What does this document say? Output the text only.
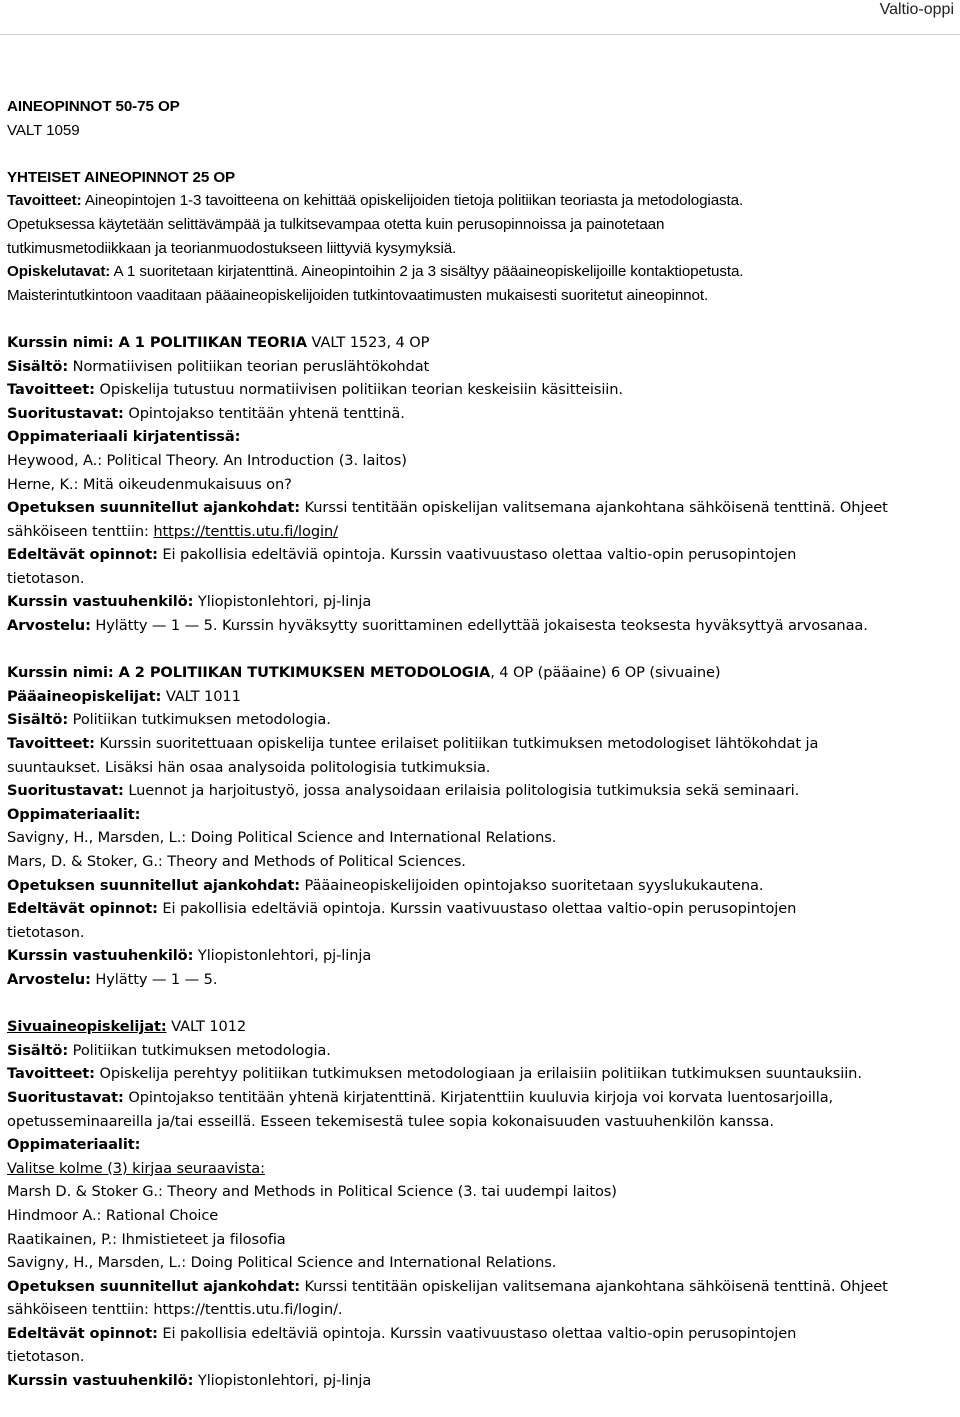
Valtio-oppi
AINEOPINNOT 50-75 OP
VALT 1059
YHTEISET AINEOPINNOT 25 OP
Tavoitteet: Aineopintojen 1-3 tavoitteena on kehittää opiskelijoiden tietoja politiikan teoriasta ja metodologiasta.
Opetuksessa käytetään selittävämpää ja tulkitsevampaa otetta kuin perusopinnoissa ja painotetaan
tutkimusmetodiikkaan ja teorianmuodostukseen liittyviä kysymyksiä.
Opiskelutavat: A 1 suoritetaan kirjatenttinä. Aineopintoihin 2 ja 3 sisältyy pääaineopiskelijoille kontaktiopetusta.
Maisterintutkintoon vaaditaan pääaineopiskelijoiden tutkintovaatimusten mukaisesti suoritetut aineopinnot.
Kurssin nimi: A 1 POLITIIKAN TEORIA VALT 1523, 4 OP
Sisältö: Normatiivisen politiikan teorian peruslähtökohdat
Tavoitteet: Opiskelija tutustuu normatiivisen politiikan teorian keskeisiin käsitteisiin.
Suoritustavat: Opintojakso tentitään yhtenä tenttinä.
Oppimateriaali kirjatentissä:
Heywood, A.: Political Theory. An Introduction (3. laitos)
Herne, K.: Mitä oikeudenmukaisuus on?
Opetuksen suunnitellut ajankohdat: Kurssi tentitään opiskelijan valitsemana ajankohtana sähköisenä tenttinä. Ohjeet
sähköiseen tenttiin: https://tenttis.utu.fi/login/
Edeltävät opinnot: Ei pakollisia edeltäviä opintoja. Kurssin vaativuustaso olettaa valtio-opin perusopintojen
tietotason.
Kurssin vastuuhenkilö: Yliopistonlehtori, pj-linja
Arvostelu: Hylätty — 1 — 5. Kurssin hyväksytty suorittaminen edellyttää jokaisesta teoksesta hyväksyttyä arvosanaa.
Kurssin nimi: A 2 POLITIIKAN TUTKIMUKSEN METODOLOGIA, 4 OP (pääaine) 6 OP (sivuaine)
Pääaineopiskelijat: VALT 1011
Sisältö: Politiikan tutkimuksen metodologia.
Tavoitteet: Kurssin suoritettuaan opiskelija tuntee erilaiset politiikan tutkimuksen metodologiset lähtökohdat ja
suuntaukset. Lisäksi hän osaa analysoida politologisia tutkimuksia.
Suoritustavat: Luennot ja harjoitustyö, jossa analysoidaan erilaisia politologisia tutkimuksia sekä seminaari.
Oppimateriaalit:
Savigny, H., Marsden, L.: Doing Political Science and International Relations.
Mars, D. & Stoker, G.: Theory and Methods of Political Sciences.
Opetuksen suunnitellut ajankohdat: Pääaineopiskelijoiden opintojakso suoritetaan syyslukukautena.
Edeltävät opinnot: Ei pakollisia edeltäviä opintoja. Kurssin vaativuustaso olettaa valtio-opin perusopintojen
tietotason.
Kurssin vastuuhenkilö: Yliopistonlehtori, pj-linja
Arvostelu: Hylätty — 1 — 5.
Sivuaineopiskelijat: VALT 1012
Sisältö: Politiikan tutkimuksen metodologia.
Tavoitteet: Opiskelija perehtyy politiikan tutkimuksen metodologiaan ja erilaisiin politiikan tutkimuksen suuntauksiin.
Suoritustavat: Opintojakso tentitään yhtenä kirjatenttinä. Kirjatenttiin kuuluvia kirjoja voi korvata luentosarjoilla,
opetusseminaareilla ja/tai esseillä. Esseen tekemisestä tulee sopia kokonaisuuden vastuuhenkilön kanssa.
Oppimateriaalit:
Valitse kolme (3) kirjaa seuraavista:
Marsh D. & Stoker G.: Theory and Methods in Political Science (3. tai uudempi laitos)
Hindmoor A.: Rational Choice
Raatikainen, P.: Ihmistieteet ja filosofia
Savigny, H., Marsden, L.: Doing Political Science and International Relations.
Opetuksen suunnitellut ajankohdat: Kurssi tentitään opiskelijan valitsemana ajankohtana sähköisenä tenttinä. Ohjeet
sähköiseen tenttiin: https://tenttis.utu.fi/login/.
Edeltävät opinnot: Ei pakollisia edeltäviä opintoja. Kurssin vaativuustaso olettaa valtio-opin perusopintojen
tietotason.
Kurssin vastuuhenkilö: Yliopistonlehtori, pj-linja
